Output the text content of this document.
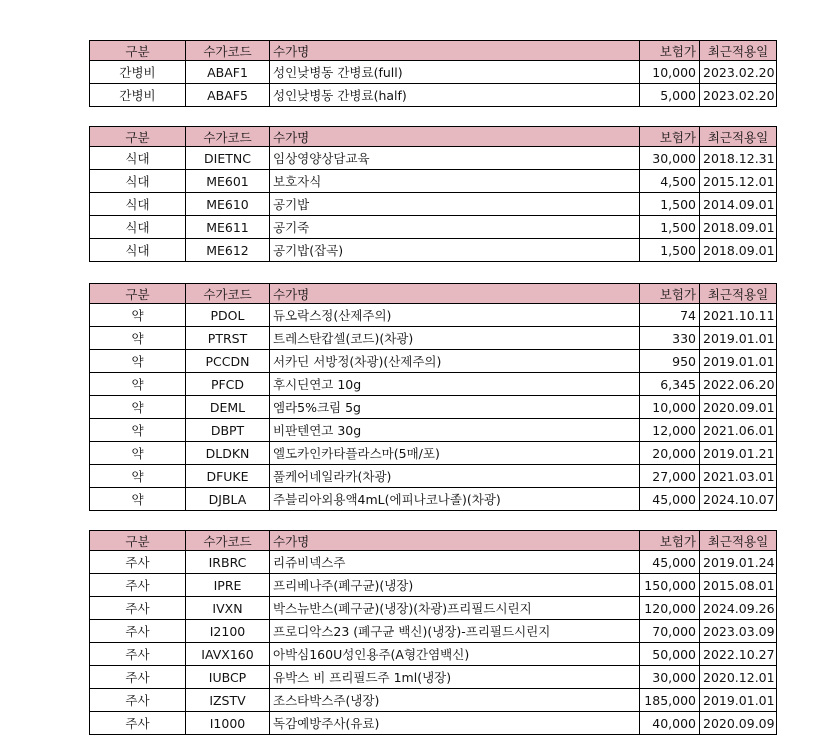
구분	수가코드	수가명	보험가	최근적용일
간병비	ABAF1	성인낮병동 간병료(full)	10,000	2023.02.20
간병비	ABAF5	성인낮병동 간병료(half)	5,000	2023.02.20
구분	수가코드	수가명	보험가	최근적용일
식대	DIETNC	임상영양상담교육	30,000	2018.12.31
식대	ME601	보호자식	4,500	2015.12.01
식대	ME610	공기밥	1,500	2014.09.01
식대	ME611	공기죽	1,500	2018.09.01
식대	ME612	공기밥(잡곡)	1,500	2018.09.01
구분	수가코드	수가명	보험가	최근적용일
약	PDOL	듀오락스정(산제주의)	74	2021.10.11
약	PTRST	트레스탄캅셀(코드)(차광)	330	2019.01.01
약	PCCDN	서카딘 서방정(차광)(산제주의)	950	2019.01.01
약	PFCD	후시딘연고 10g	6,345	2022.06.20
약	DEML	엠라5%크림 5g	10,000	2020.09.01
약	DBPT	비판텐연고 30g	12,000	2021.06.01
약	DLDKN	엘도카인카타플라스마(5매/포)	20,000	2019.01.21
약	DFUKE	풀케어네일라카(차광)	27,000	2021.03.01
약	DJBLA	주블리아외용액4mL(에피나코나졸)(차광)	45,000	2024.10.07
구분	수가코드	수가명	보험가	최근적용일
주사	IRBRC	리쥬비넥스주	45,000	2019.01.24
주사	IPRE	프리베나주(폐구균)(냉장)	150,000	2015.08.01
주사	IVXN	박스뉴반스(폐구균)(냉장)(차광)프리필드시린지	120,000	2024.09.26
주사	I2100	프로디악스23 (폐구균 백신)(냉장)-프리필드시린지	70,000	2023.03.09
주사	IAVX160	아박심160U성인용주(A형간염백신)	50,000	2022.10.27
주사	IUBCP	유박스 비 프리필드주 1ml(냉장)	30,000	2020.12.01
주사	IZSTV	조스타박스주(냉장)	185,000	2019.01.01
주사	I1000	독감예방주사(유료)	40,000	2020.09.09
